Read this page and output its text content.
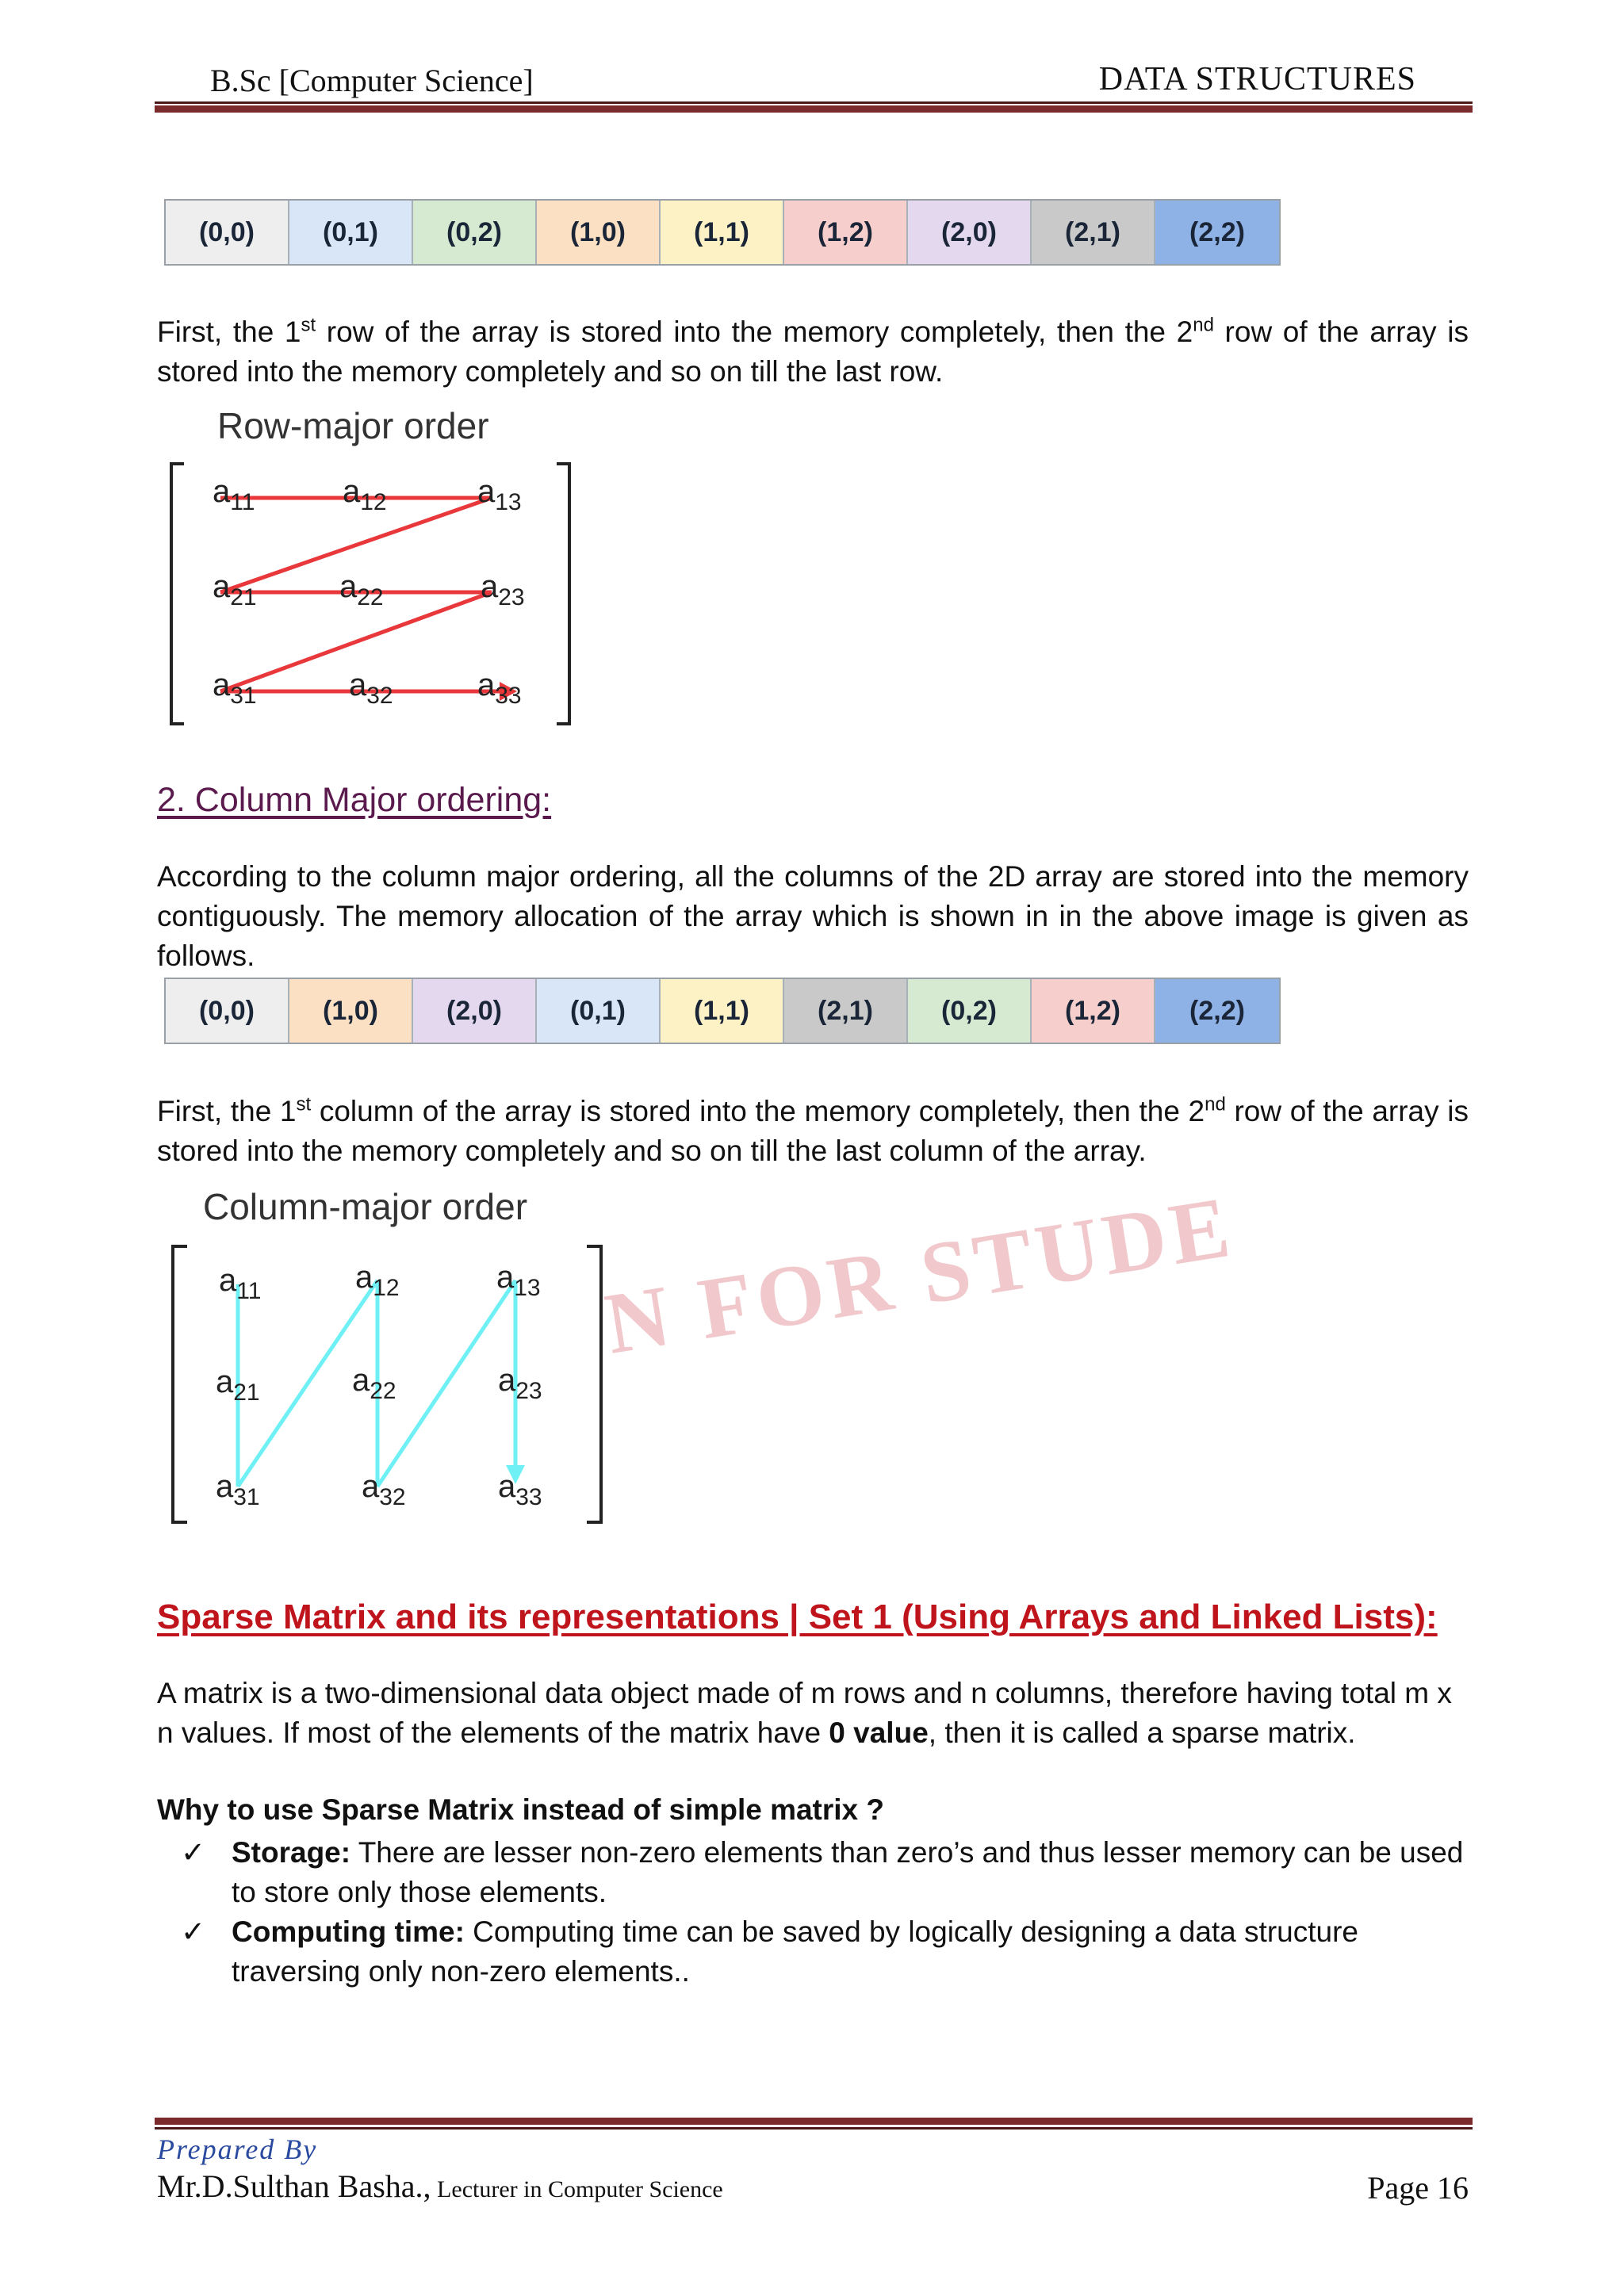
B.Sc [Computer Science]	DATA STRUCTURES
(0,0)	(0,1)	(0,2)	(1,0)	(1,1)	(1,2)	(2,0)	(2,1)	(2,2)
First, the 1st row of the array is stored into the memory completely, then the 2nd row of the array is stored into the memory completely and so on till the last row.
Row-major order
$a_{11}$	$a_{12}$	$a_{13}$
$a_{21}$	$a_{22}$	$a_{23}$
$a_{31}$	$a_{32}$	$a_{33}$
2. Column Major ordering:
According to the column major ordering, all the columns of the 2D array are stored into the memory contiguously. The memory allocation of the array which is shown in in the above image is given as follows.
(0,0)	(1,0)	(2,0)	(0,1)	(1,1)	(2,1)	(0,2)	(1,2)	(2,2)
First, the 1st column of the array is stored into the memory completely, then the 2nd row of the array is stored into the memory completely and so on till the last column of the array.
N FOR STUDE
Column-major order
$a_{11}$	$a_{12}$	$a_{13}$
$a_{21}$	$a_{22}$	$a_{23}$
$a_{31}$	$a_{32}$	$a_{33}$
Sparse Matrix and its representations | Set 1 (Using Arrays and Linked Lists):
A matrix is a two-dimensional data object made of m rows and n columns, therefore having total m x n values. If most of the elements of the matrix have 0 value, then it is called a sparse matrix.
Why to use Sparse Matrix instead of simple matrix ?
✓ Storage: There are lesser non-zero elements than zero’s and thus lesser memory can be used to store only those elements.
✓ Computing time: Computing time can be saved by logically designing a data structure traversing only non-zero elements..
Prepared By
Mr.D.Sulthan Basha., Lecturer in Computer Science	Page 16
